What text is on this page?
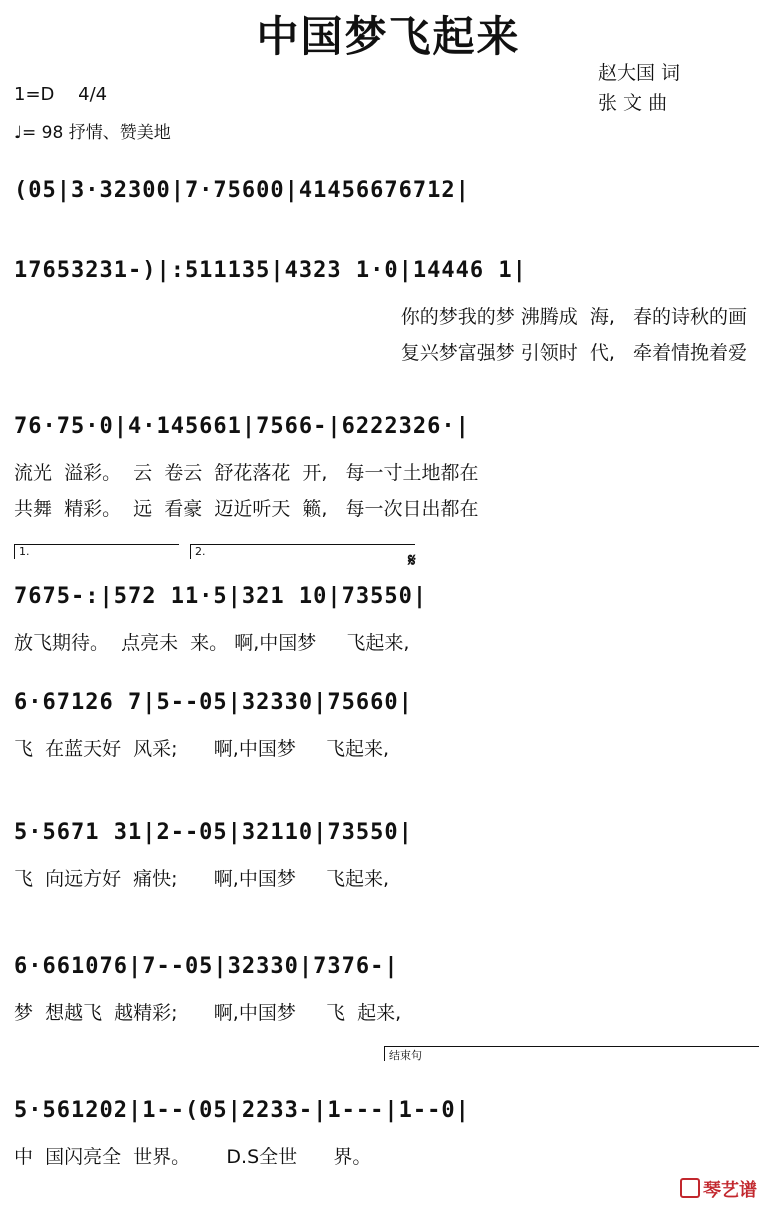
中国梦飞起来
1=D 4/4
♩= 98 抒情、赞美地
赵大国 词
张 文 曲
(05|3·32300|7·75600|41456676712|
17653231-)|:511135|4323 1·0|14446 1|
你的梦我的梦 沸腾成  海,   春的诗秋的画
复兴梦富强梦 引领时  代,   牵着情挽着爱
76·75·0|4·145661|7566-|6222326·|
流光  溢彩。  云  卷云  舒花落花  开,   每一寸土地都在
共舞  精彩。  远  看豪  迈近听天  籁,   每一次日出都在
1.	2.	𝄋
7675-:|572 11·5|321 10|73550|
放飞期待。  点亮未  来。 啊,中国梦     飞起来,
6·67126 7|5--05|32330|75660|
飞  在蓝天好  风采;      啊,中国梦     飞起来,
5·5671 31|2--05|32110|73550|
飞  向远方好  痛快;      啊,中国梦     飞起来,
6·661076|7--05|32330|7376-|
梦  想越飞  越精彩;      啊,中国梦     飞  起来,
结束句
5·561202|1--(05|2233-|1---|1--0|
中  国闪亮全  世界。      D.S全世      界。
琴艺谱
